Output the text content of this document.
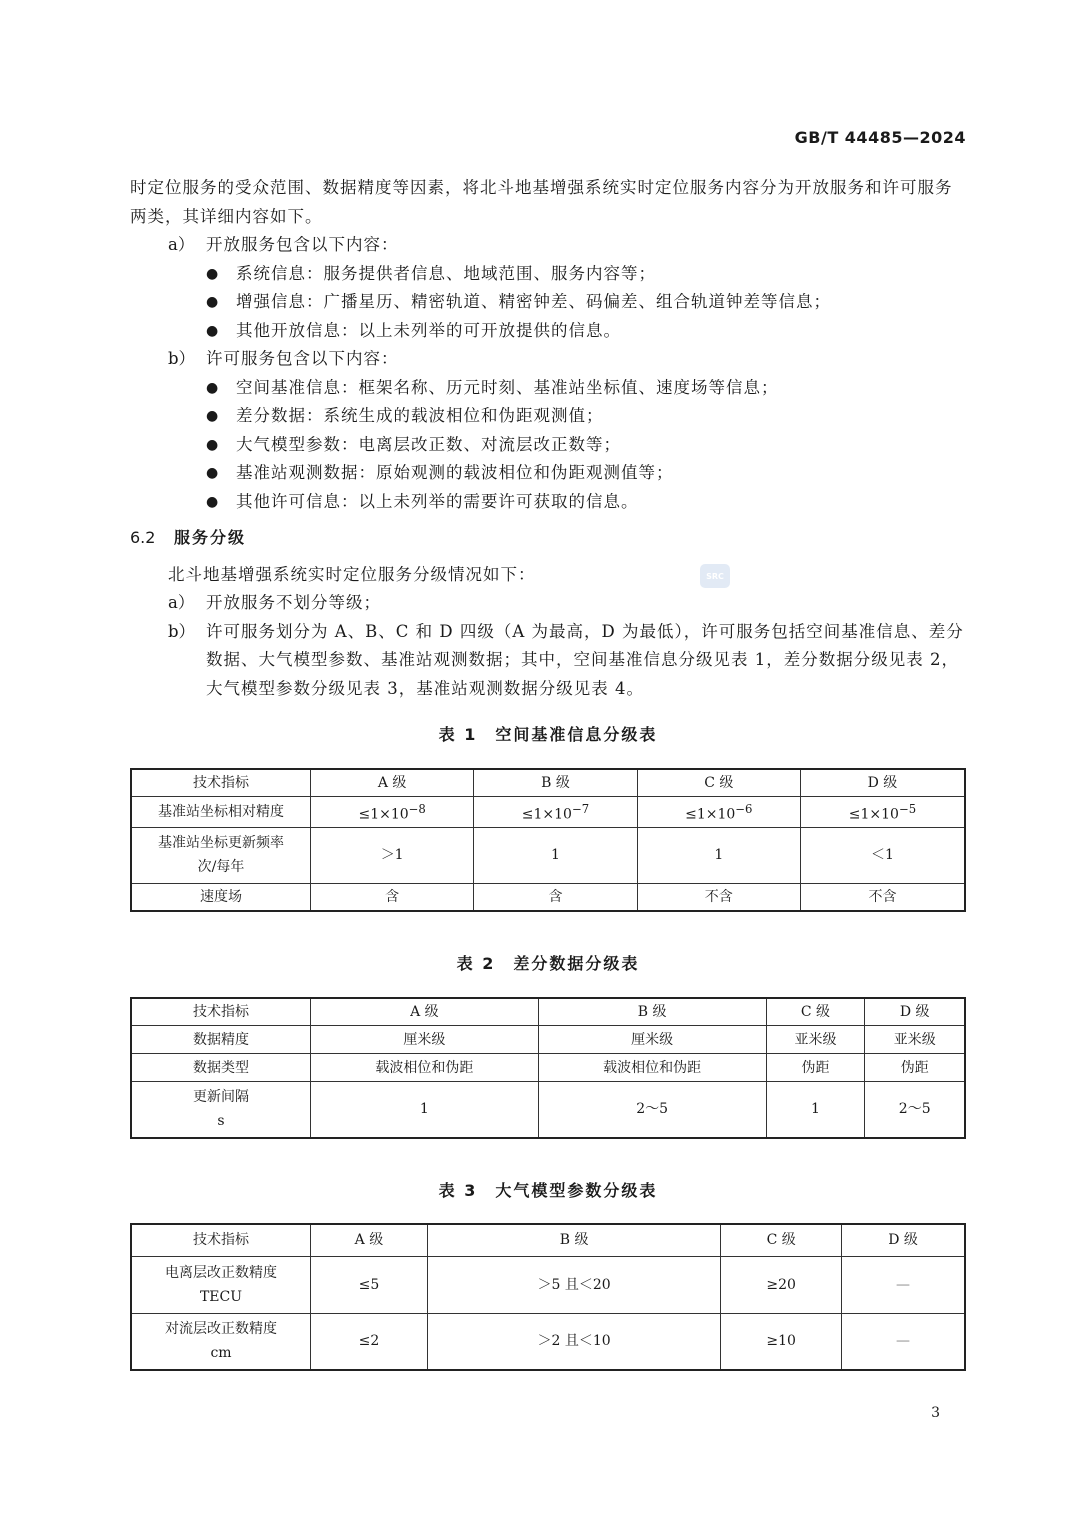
GB/T 44485—2024
SRC
时定位服务的受众范围、数据精度等因素，将北斗地基增强系统实时定位服务内容分为开放服务和许可服务两类，其详细内容如下。
a） 开放服务包含以下内容：
●	系统信息：服务提供者信息、地域范围、服务内容等；
●	增强信息：广播星历、精密轨道、精密钟差、码偏差、组合轨道钟差等信息；
●	其他开放信息：以上未列举的可开放提供的信息。
b） 许可服务包含以下内容：
●	空间基准信息：框架名称、历元时刻、基准站坐标值、速度场等信息；
●	差分数据：系统生成的载波相位和伪距观测值；
●	大气模型参数：电离层改正数、对流层改正数等；
●	基准站观测数据：原始观测的载波相位和伪距观测值等；
●	其他许可信息：以上未列举的需要许可获取的信息。
6.2 服务分级
北斗地基增强系统实时定位服务分级情况如下：
a） 开放服务不划分等级；
b） 许可服务划分为 A、B、C 和 D 四级（A 为最高，D 为最低），许可服务包括空间基准信息、差分数据、大气模型参数、基准站观测数据；其中，空间基准信息分级见表 1，差分数据分级见表 2，大气模型参数分级见表 3，基准站观测数据分级见表 4。
表 1　空间基准信息分级表
技术指标	A 级	B 级	C 级	D 级
基准站坐标相对精度	$\le 1\times 10^{-8}$	$\le 1\times 10^{-7}$	$\le 1\times 10^{-6}$	$\le 1\times 10^{-5}$

基准站坐标更新频率
次/每年	＞1	1	1	＜1
速度场	含	含	不含	不含
表 2　差分数据分级表
技术指标	A 级	B 级	C 级	D 级
数据精度	厘米级	厘米级	亚米级	亚米级
数据类型	载波相位和伪距	载波相位和伪距	伪距	伪距

更新间隔
s	1	2～5	1	2～5
表 3　大气模型参数分级表
技术指标	A 级	B 级	C 级	D 级

电离层改正数精度
TECU	≤5	＞5 且＜20	≥20	—

对流层改正数精度
cm	≤2	＞2 且＜10	≥10	—
3
